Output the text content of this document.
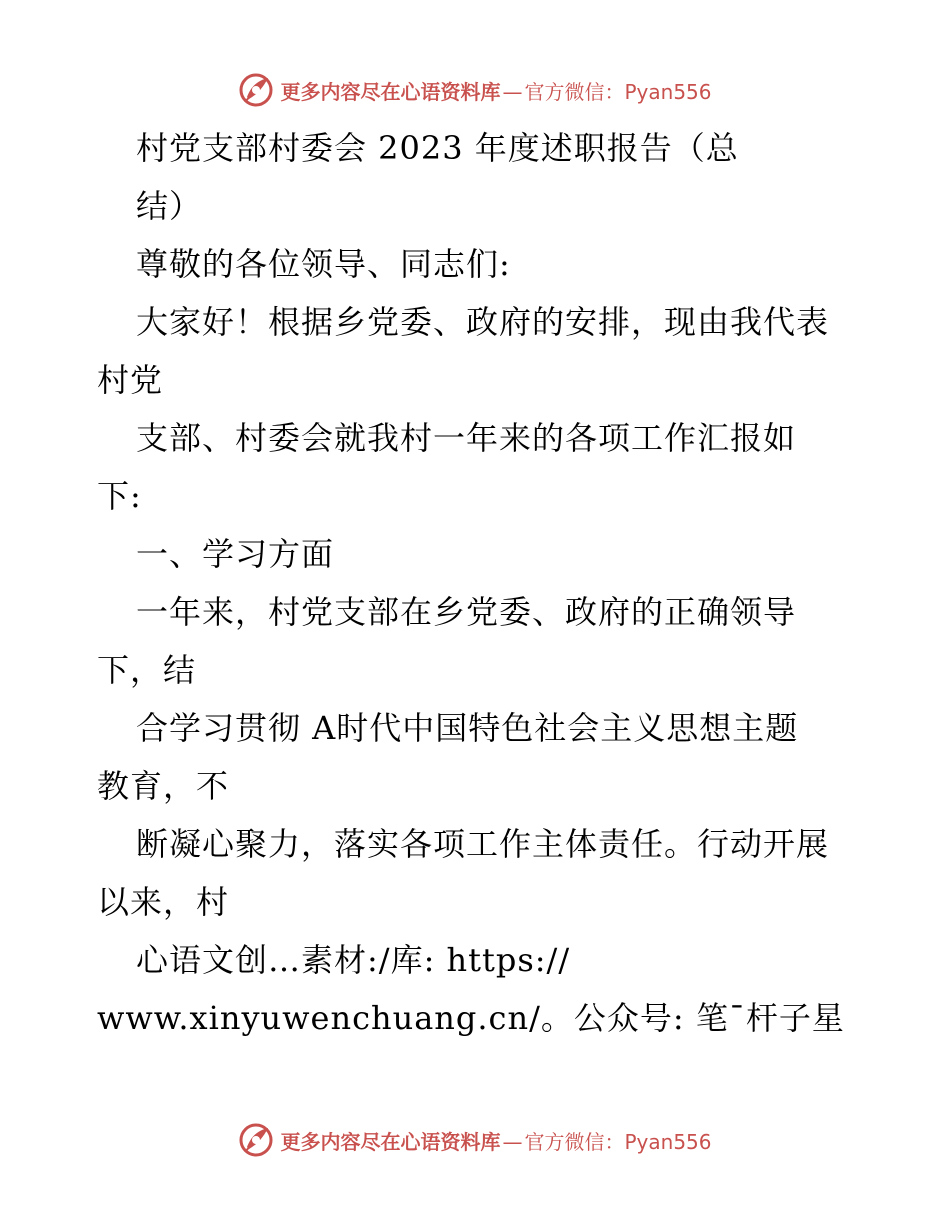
更多内容尽在心语资料库 — 官方微信：Pyan556
村党支部村委会 2023 年度述职报告（总
结）
尊敬的各位领导、同志们:
大家好！根据乡党委、政府的安排，现由我代表
村党
支部、村委会就我村一年来的各项工作汇报如
下:
一、学习方面
一年来，村党支部在乡党委、政府的正确领导
下，结
合学习贯彻 A时代中国特色社会主义思想主题
教育，不
断凝心聚力，落实各项工作主体责任。行动开展
以来，村
心语文创…素材:/库: https://
www.xinyuwenchuang.cn/。公众号: 笔¯杆子星
更多内容尽在心语资料库 — 官方微信：Pyan556
